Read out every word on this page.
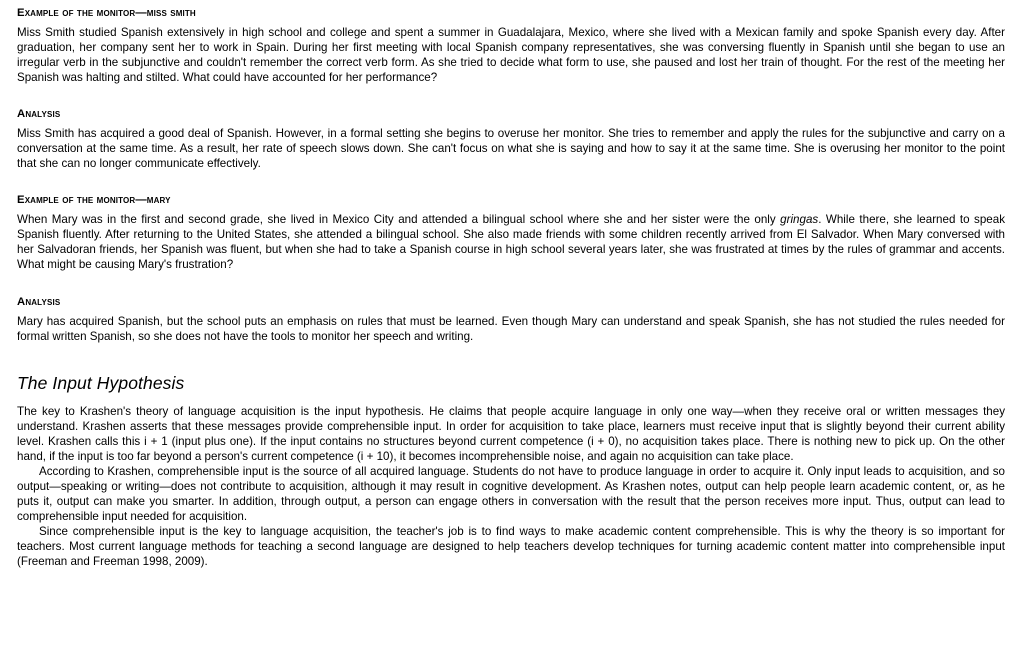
Example of the monitor—miss smith

Miss Smith studied Spanish extensively in high school and college and spent a summer in Guadalajara, Mexico, where she lived with a Mexican family and spoke Spanish every day. After graduation, her company sent her to work in Spain. During her first meeting with local Spanish company representatives, she was conversing fluently in Spanish until she began to use an irregular verb in the subjunctive and couldn't remember the correct verb form. As she tried to decide what form to use, she paused and lost her train of thought. For the rest of the meeting her Spanish was halting and stilted. What could have accounted for her performance?

Analysis

Miss Smith has acquired a good deal of Spanish. However, in a formal setting she begins to overuse her monitor. She tries to remember and apply the rules for the subjunctive and carry on a conversation at the same time. As a result, her rate of speech slows down. She can't focus on what she is saying and how to say it at the same time. She is overusing her monitor to the point that she can no longer communicate effectively.

Example of the monitor—mary

When Mary was in the first and second grade, she lived in Mexico City and attended a bilingual school where she and her sister were the only gringas. While there, she learned to speak Spanish fluently. After returning to the United States, she attended a bilingual school. She also made friends with some children recently arrived from El Salvador. When Mary conversed with her Salvadoran friends, her Spanish was fluent, but when she had to take a Spanish course in high school several years later, she was frustrated at times by the rules of grammar and accents. What might be causing Mary's frustration?

Analysis

Mary has acquired Spanish, but the school puts an emphasis on rules that must be learned. Even though Mary can understand and speak Spanish, she has not studied the rules needed for formal written Spanish, so she does not have the tools to monitor her speech and writing.

The Input Hypothesis

The key to Krashen's theory of language acquisition is the input hypothesis. He claims that people acquire language in only one way—when they receive oral or written messages they understand. Krashen asserts that these messages provide comprehensible input. In order for acquisition to take place, learners must receive input that is slightly beyond their current ability level. Krashen calls this i + 1 (input plus one). If the input contains no structures beyond current competence (i + 0), no acquisition takes place. There is nothing new to pick up. On the other hand, if the input is too far beyond a person's current competence (i + 10), it becomes incomprehensible noise, and again no acquisition can take place.

According to Krashen, comprehensible input is the source of all acquired language. Students do not have to produce language in order to acquire it. Only input leads to acquisition, and so output—speaking or writing—does not contribute to acquisition, although it may result in cognitive development. As Krashen notes, output can help people learn academic content, or, as he puts it, output can make you smarter. In addition, through output, a person can engage others in conversation with the result that the person receives more input. Thus, output can lead to comprehensible input needed for acquisition.

Since comprehensible input is the key to language acquisition, the teacher's job is to find ways to make academic content comprehensible. This is why the theory is so important for teachers. Most current language methods for teaching a second language are designed to help teachers develop techniques for turning academic content matter into comprehensible input (Freeman and Freeman 1998, 2009).
